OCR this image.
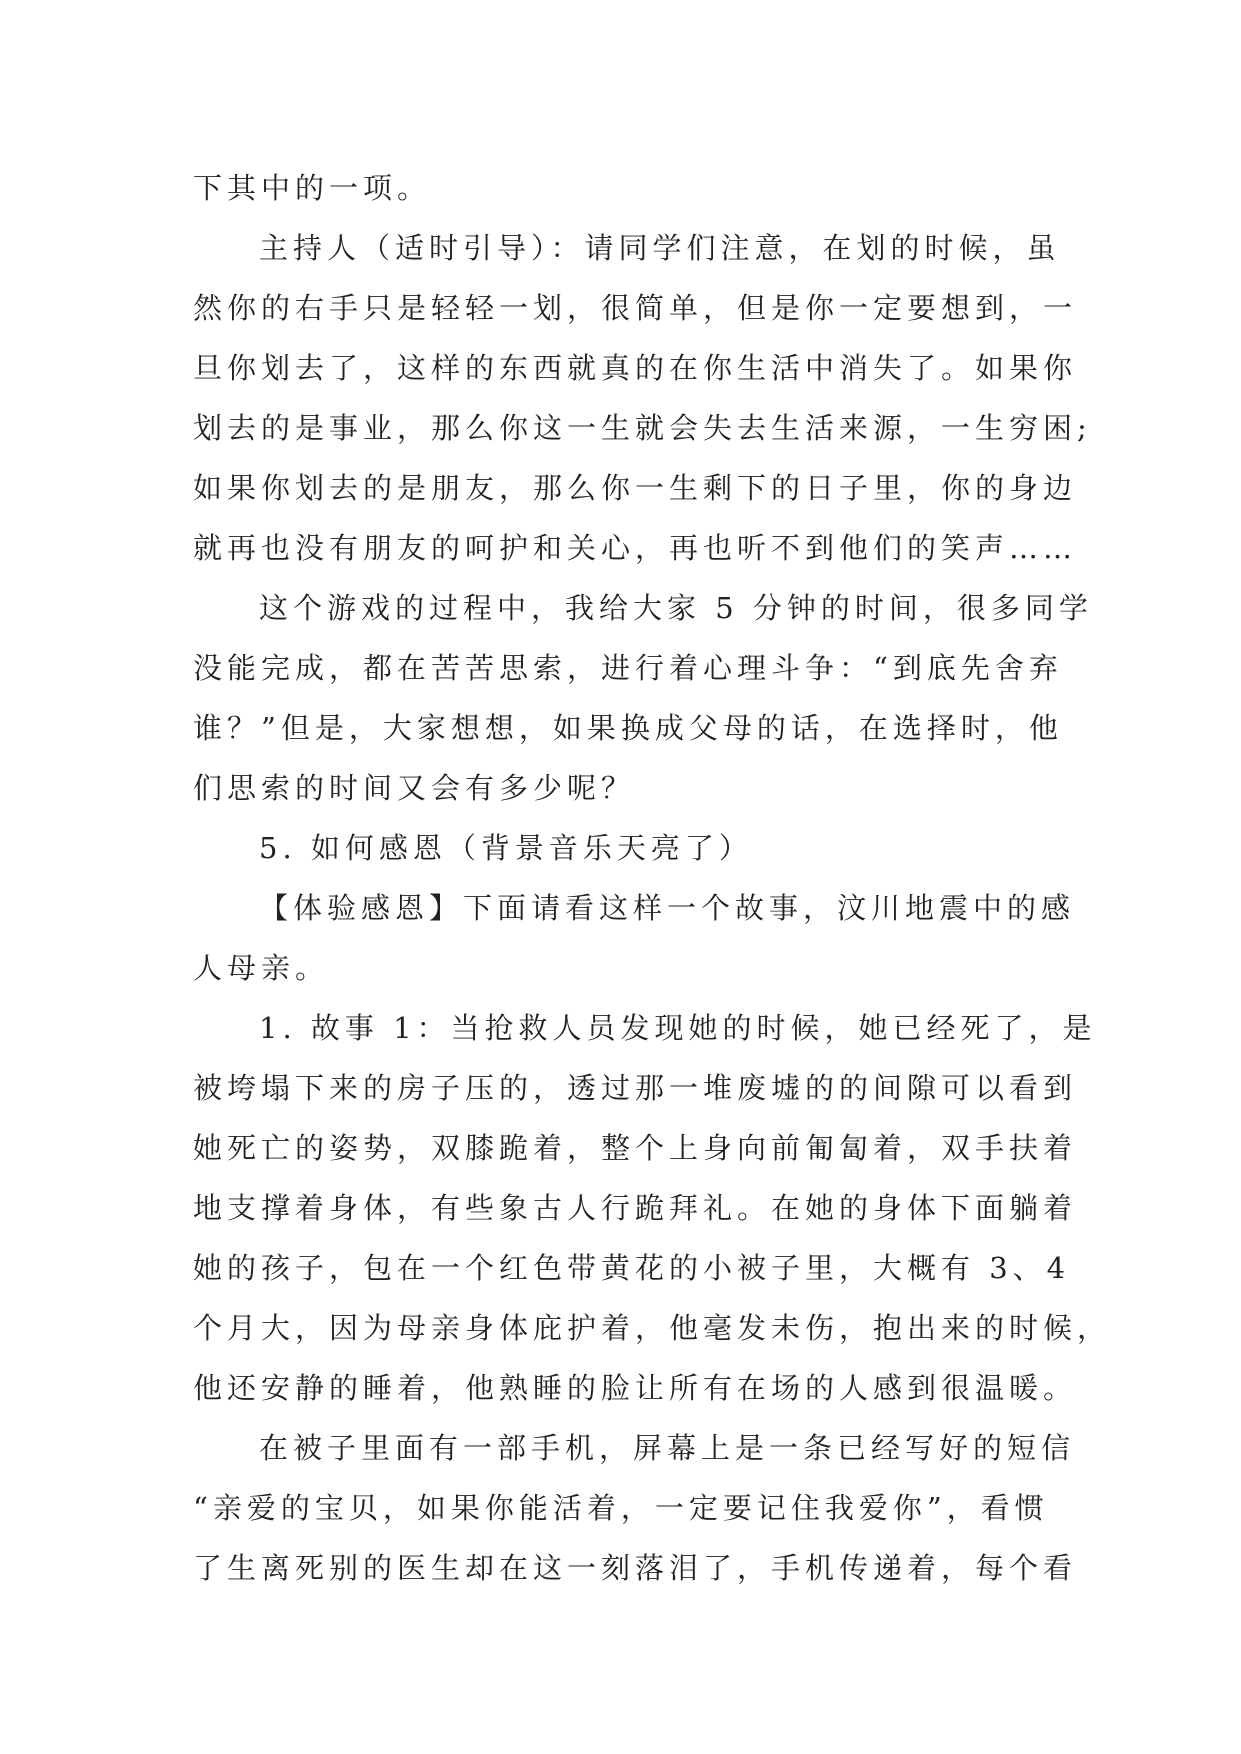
下其中的一项。
主持人（适时引导）：请同学们注意，在划的时候，虽
然你的右手只是轻轻一划，很简单，但是你一定要想到，一
旦你划去了，这样的东西就真的在你生活中消失了。如果你
划去的是事业，那么你这一生就会失去生活来源，一生穷困;
如果你划去的是朋友，那么你一生剩下的日子里，你的身边
就再也没有朋友的呵护和关心，再也听不到他们的笑声……
这个游戏的过程中，我给大家 5 分钟的时间，很多同学
没能完成，都在苦苦思索，进行着心理斗争：“到底先舍弃
谁？”但是，大家想想，如果换成父母的话，在选择时，他
们思索的时间又会有多少呢？
5. 如何感恩（背景音乐天亮了）
【体验感恩】下面请看这样一个故事，汶川地震中的感
人母亲。
1. 故事 1：当抢救人员发现她的时候，她已经死了，是
被垮塌下来的房子压的，透过那一堆废墟的的间隙可以看到
她死亡的姿势，双膝跪着，整个上身向前匍匐着，双手扶着
地支撑着身体，有些象古人行跪拜礼。在她的身体下面躺着
她的孩子，包在一个红色带黄花的小被子里，大概有 3、4
个月大，因为母亲身体庇护着，他毫发未伤，抱出来的时候，
他还安静的睡着，他熟睡的脸让所有在场的人感到很温暖。
在被子里面有一部手机，屏幕上是一条已经写好的短信
“亲爱的宝贝，如果你能活着，一定要记住我爱你”，看惯
了生离死别的医生却在这一刻落泪了，手机传递着，每个看
